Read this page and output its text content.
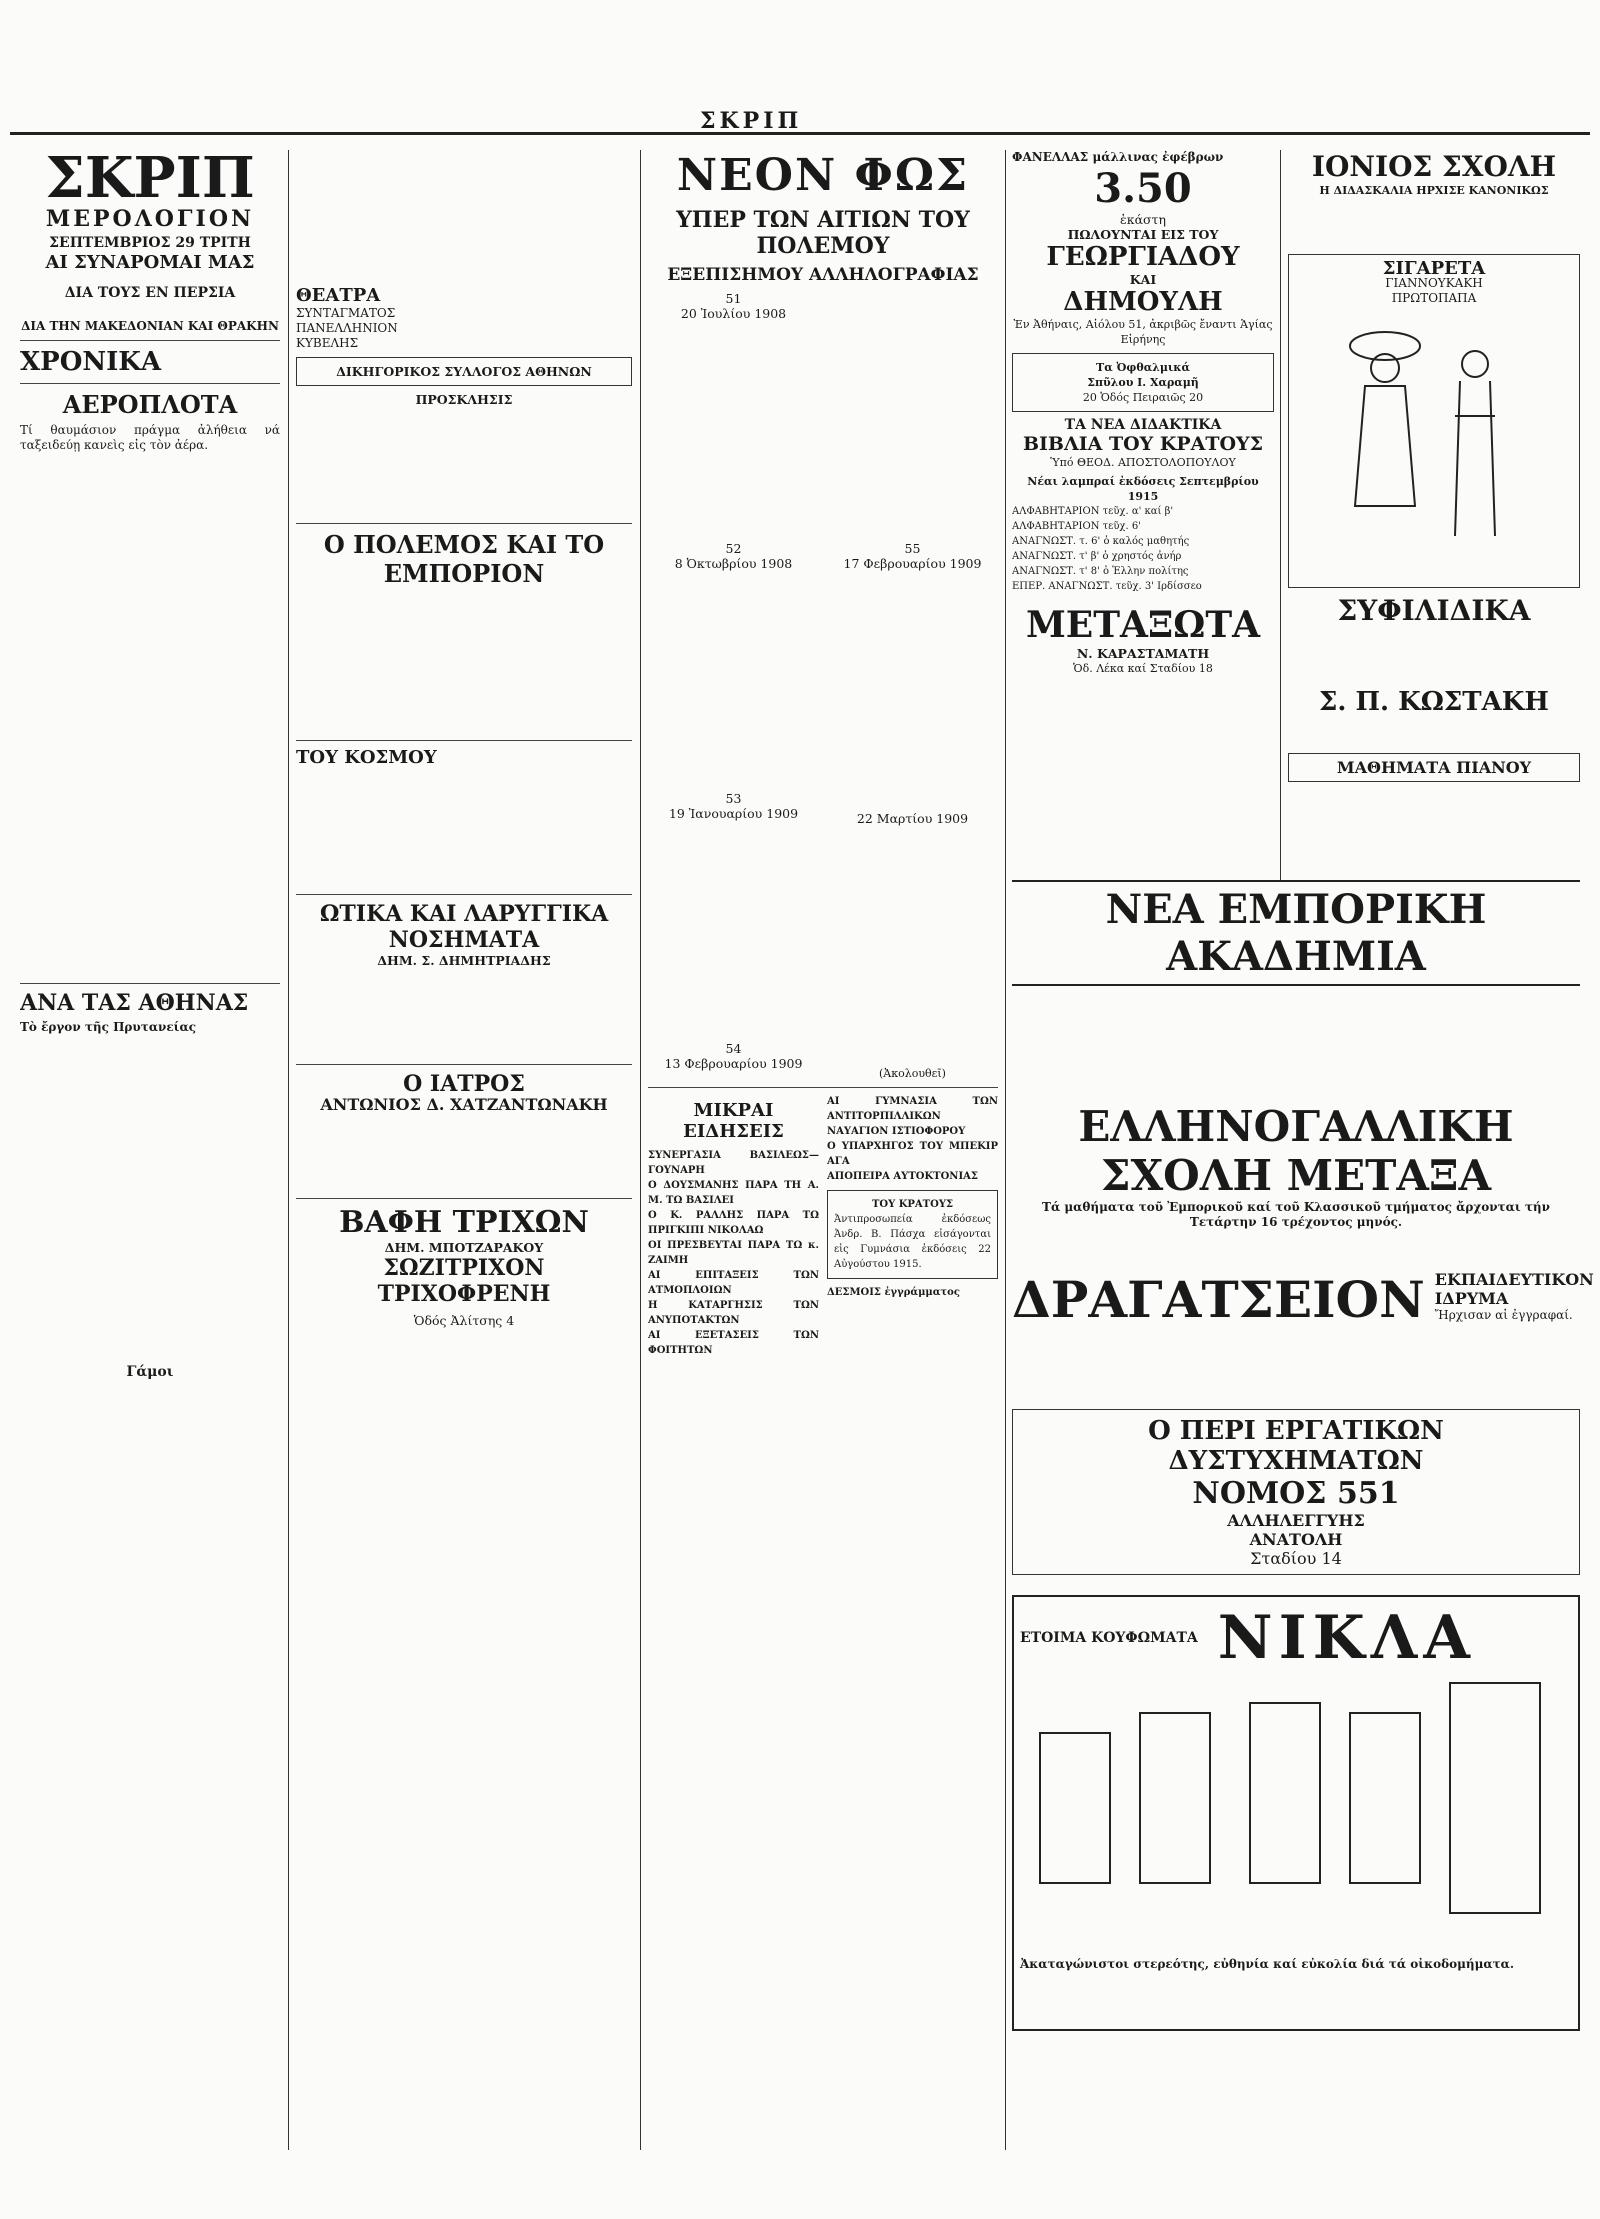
ΣΚΡΙΠ
ΣΚΡΙΠ
ΜΕΡΟΛΟΓΙΟΝ
ΣΕΠΤΕΜΒΡΙΟΣ 29 ΤΡΙΤΗ
ΑΙ ΣΥΝΑΡΟΜΑΙ ΜΑΣ
ΔΙΑ ΤΟΥΣ ΕΝ ΠΕΡΣΙΑ
ΔΙΑ ΤΗΝ ΜΑΚΕΔΟΝΙΑΝ ΚΑΙ ΘΡΑΚΗΝ
ΧΡΟΝΙΚΑ
ΑΕΡΟΠΛΟΤΑ
Τί θαυμάσιον πράγμα ἀλήθεια νά ταξειδεύῃ κανεὶς εἰς τὸν ἀέρα.
ΑΝΑ ΤΑΣ ΑΘΗΝΑΣ
Τὸ ἔργον τῆς Πρυτανείας
Γάμοι
ΘΕΑΤΡΑ
ΣΥΝΤΑΓΜΑΤΟΣ
ΠΑΝΕΛΛΗΝΙΟΝ
ΚΥΒΕΛΗΣ
ΔΙΚΗΓΟΡΙΚΟΣ ΣΥΛΛΟΓΟΣ ΑΘΗΝΩΝ
ΠΡΟΣΚΛΗΣΙΣ
Ο ΠΟΛΕΜΟΣ ΚΑΙ ΤΟ ΕΜΠΟΡΙΟΝ
ΤΟΥ ΚΟΣΜΟΥ
ΩΤΙΚΑ ΚΑΙ ΛΑΡΥΓΓΙΚΑ ΝΟΣΗΜΑΤΑ
ΔΗΜ. Σ. ΔΗΜΗΤΡΙΑΔΗΣ
Ο ΙΑΤΡΟΣ
ΑΝΤΩΝΙΟΣ Δ. ΧΑΤΖΑΝΤΩΝΑΚΗ
ΒΑΦΗ ΤΡΙΧΩΝ
ΔΗΜ. ΜΠΟΤΖΑΡΑΚΟΥ
ΣΩΖΙΤΡΙΧΟΝ
ΤΡΙΧΟΦΡΕΝΗ
Ὁδός Ἀλίτσης 4
ΝΕΟΝ ΦΩΣ
ΥΠΕΡ ΤΩΝ ΑΙΤΙΩΝ ΤΟΥ ΠΟΛΕΜΟΥ
ΕΞΕΠΙΣΗΜΟΥ ΑΛΛΗΛΟΓΡΑΦΙΑΣ
51
20 Ἰουλίου 1908
52
8 Ὀκτωβρίου 1908
53
19 Ἰανουαρίου 1909
54
13 Φεβρουαρίου 1909
55
17 Φεβρουαρίου 1909
22 Μαρτίου 1909
(Ἀκολουθεῖ)
ΜΙΚΡΑΙ ΕΙΔΗΣΕΙΣ
ΣΥΝΕΡΓΑΣΙΑ ΒΑΣΙΛΕΩΣ—ΓΟΥΝΑΡΗ
Ο ΔΟΥΣΜΑΝΗΣ ΠΑΡΑ ΤΗ Α. Μ. ΤΩ ΒΑΣΙΛΕΙ
Ο Κ. ΡΑΛΛΗΣ ΠΑΡΑ ΤΩ ΠΡΙΓΚΙΠΙ ΝΙΚΟΛΑΩ
ΟΙ ΠΡΕΣΒΕΥΤΑΙ ΠΑΡΑ ΤΩ κ. ΖΑΙΜΗ
ΑΙ ΕΠΙΤΑΞΕΙΣ ΤΩΝ ΑΤΜΟΠΛΟΙΩΝ
Η ΚΑΤΑΡΓΗΣΙΣ ΤΩΝ ΑΝΥΠΟΤΑΚΤΩΝ
ΑΙ ΕΞΕΤΑΣΕΙΣ ΤΩΝ ΦΟΙΤΗΤΩΝ
ΑΙ ΓΥΜΝΑΣΙΑ ΤΩΝ ΑΝΤΙΤΟΡΠΙΛΛΙΚΩΝ
ΝΑΥΑΓΙΟΝ ΙΣΤΙΟΦΟΡΟΥ
Ο ΥΠΑΡΧΗΓΟΣ ΤΟΥ ΜΠΕΚΙΡ ΑΓΑ
ΑΠΟΠΕΙΡΑ ΑΥΤΟΚΤΟΝΙΑΣ
ΤΟΥ ΚΡΑΤΟΥΣ
Ἀντιπροσωπεία ἐκδόσεως Ἀνδρ. Β. Πάσχα εἰσάγονται εἰς Γυμνάσια ἐκδόσεις 22 Αὐγούστου 1915.
ΔΕΣΜΟΙΣ ἐγγράμματος
ΦΑΝΕΛΛΑΣ μάλλινας ἐφέβρων
3.50
ἑκάστη
ΠΩΛΟΥΝΤΑΙ ΕΙΣ ΤΟΥ
ΓΕΩΡΓΙΑΔΟΥ
ΚΑΙ
ΔΗΜΟΥΛΗ
Ἐν Ἀθήναις, Αἰόλου 51, ἀκριβῶς ἔναντι Ἁγίας Εἰρήνης
Τα Ὀφθαλμικά
Σπῦλου Ι. Χαραμῆ
20 Ὁδός Πειραιῶς 20
ΤΑ ΝΕΑ ΔΙΔΑΚΤΙΚΑ
ΒΙΒΛΙΑ ΤΟΥ ΚΡΑΤΟΥΣ
Ὑπό ΘΕΟΔ. ΑΠΟΣΤΟΛΟΠΟΥΛΟΥ
Νέαι λαμπραί ἐκδόσεις Σεπτεμβρίου 1915
ΑΛΦΑΒΗΤΑΡΙΟΝ τεῦχ. α' καί β'
ΑΛΦΑΒΗΤΑΡΙΟΝ τεῦχ. 6'
ΑΝΑΓΝΩΣΤ. τ. 6' ὁ καλός μαθητής
ΑΝΑΓΝΩΣΤ. τ' β' ὁ χρηστός ἀνήρ
ΑΝΑΓΝΩΣΤ. τ' 8' ὁ Ἑλλην πολίτης
ΕΠΕΡ. ΑΝΑΓΝΩΣΤ. τεῦχ. 3' Ιρδίσσεο
ΜΕΤΑΞΩΤΑ
Ν. ΚΑΡΑΣΤΑΜΑΤΗ
Ὁδ. Λέκα καί Σταδίου 18
ΙΟΝΙΟΣ ΣΧΟΛΗ
Η ΔΙΔΑΣΚΑΛΙΑ ΗΡΧΙΣΕ ΚΑΝΟΝΙΚΩΣ
ΣΙΓΑΡΕΤΑ
ΓΙΑΝΝΟΥΚΑΚΗ
ΠΡΩΤΟΠΑΠΑ
ΣΥΦΙΛΙΔΙΚΑ
Σ. Π. ΚΩΣΤΑΚΗ
ΜΑΘΗΜΑΤΑ ΠΙΑΝΟΥ
ΝΕΑ ΕΜΠΟΡΙΚΗ ΑΚΑΔΗΜΙΑ
ΕΛΛΗΝΟΓΑΛΛΙΚΗ ΣΧΟΛΗ ΜΕΤΑΞΑ
Τά μαθήματα τοῦ Ἐμπορικοῦ καί τοῦ Κλασσικοῦ τμήματος ἄρχονται τήν Τετάρτην 16 τρέχοντος μηνός.
ΔΡΑΓΑΤΣΕΙΟΝ ΕΚΠΑΙΔΕΥΤΙΚΟΝ ΙΔΡΥΜΑ
Ἤρχισαν αἱ ἐγγραφαί.
Ο ΠΕΡΙ ΕΡΓΑΤΙΚΩΝ ΔΥΣΤΥΧΗΜΑΤΩΝ
ΝΟΜΟΣ 551
ΑΛΛΗΛΕΓΓΥΗΣ
ΑΝΑΤΟΛΗ
Σταδίου 14
ΕΤΟΙΜΑ ΚΟΥΦΩΜΑΤΑ ΝΙΚΛΑ
Ἀκαταγώνιστοι στερεότης, εὐθηνία καί εὐκολία διά τά οἰκοδομήματα.
